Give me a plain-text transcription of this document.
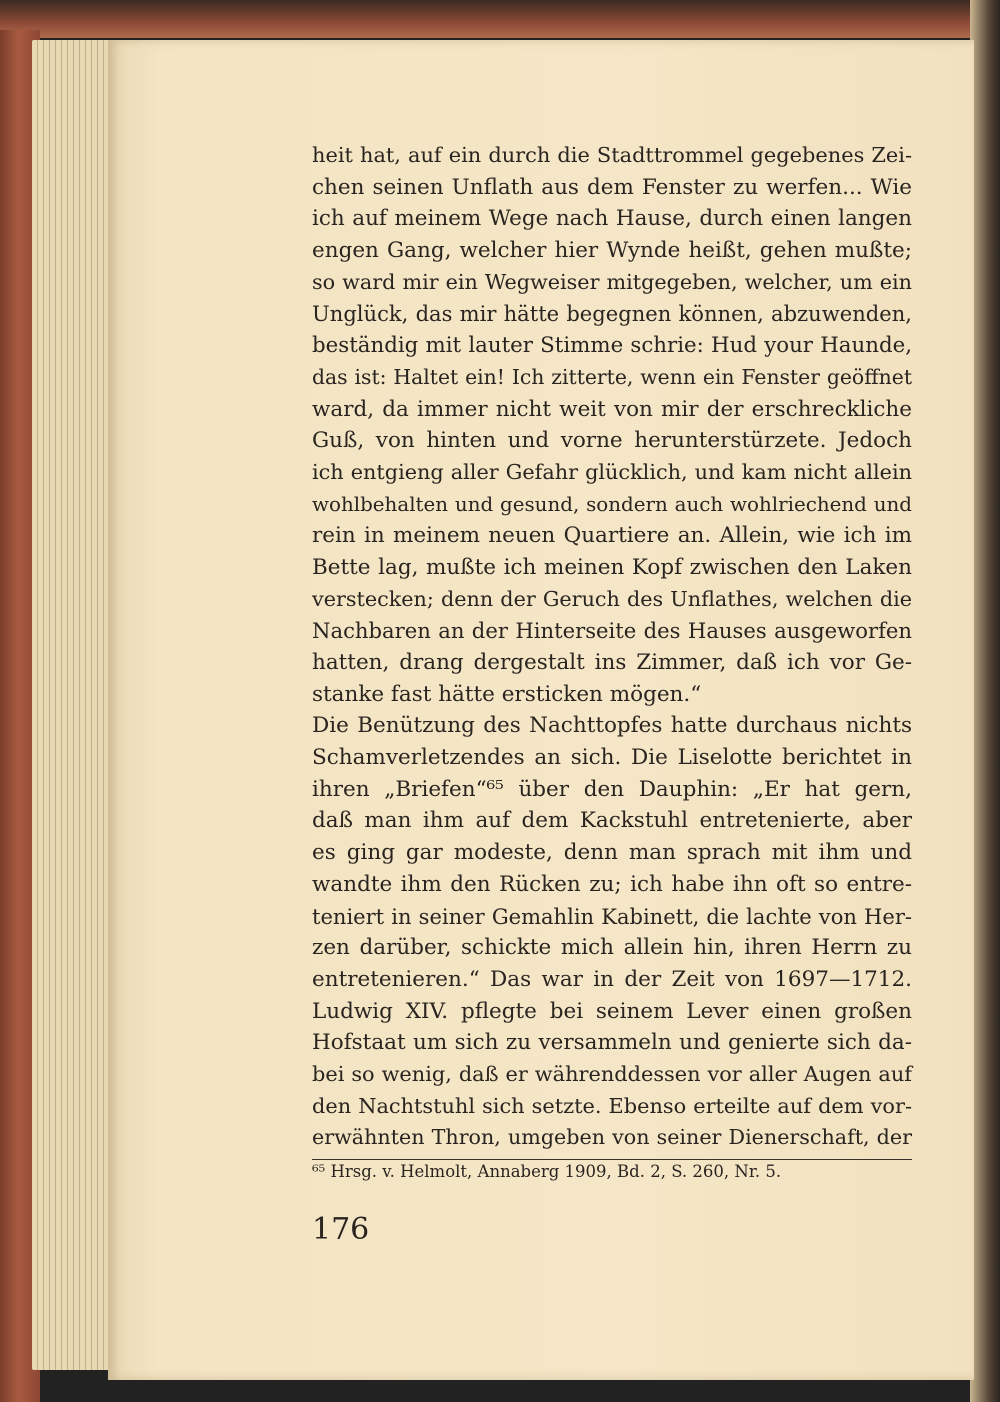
heit hat, auf ein durch die Stadttrommel gegebenes Zei-
chen seinen Unflath aus dem Fenster zu werfen... Wie
ich auf meinem Wege nach Hause, durch einen langen
engen Gang, welcher hier Wynde heißt, gehen mußte;
so ward mir ein Wegweiser mitgegeben, welcher, um ein
Unglück, das mir hätte begegnen können, abzuwenden,
beständig mit lauter Stimme schrie: Hud your Haunde,
das ist: Haltet ein! Ich zitterte, wenn ein Fenster geöffnet
ward, da immer nicht weit von mir der erschreckliche
Guß, von hinten und vorne herunterstürzete. Jedoch
ich entgieng aller Gefahr glücklich, und kam nicht allein
wohlbehalten und gesund, sondern auch wohlriechend und
rein in meinem neuen Quartiere an. Allein, wie ich im
Bette lag, mußte ich meinen Kopf zwischen den Laken
verstecken; denn der Geruch des Unflathes, welchen die
Nachbaren an der Hinterseite des Hauses ausgeworfen
hatten, drang dergestalt ins Zimmer, daß ich vor Ge-
stanke fast hätte ersticken mögen.“
Die Benützung des Nachttopfes hatte durchaus nichts
Schamverletzendes an sich. Die Liselotte berichtet in
ihren „Briefen“⁶⁵ über den Dauphin: „Er hat gern,
daß man ihm auf dem Kackstuhl entretenierte, aber
es ging gar modeste, denn man sprach mit ihm und
wandte ihm den Rücken zu; ich habe ihn oft so entre-
teniert in seiner Gemahlin Kabinett, die lachte von Her-
zen darüber, schickte mich allein hin, ihren Herrn zu
entretenieren.“ Das war in der Zeit von 1697—1712.
Ludwig XIV. pflegte bei seinem Lever einen großen
Hofstaat um sich zu versammeln und genierte sich da-
bei so wenig, daß er währenddessen vor aller Augen auf
den Nachtstuhl sich setzte. Ebenso erteilte auf dem vor-
erwähnten Thron, umgeben von seiner Dienerschaft, der
⁶⁵ Hrsg. v. Helmolt, Annaberg 1909, Bd. 2, S. 260, Nr. 5.
176
